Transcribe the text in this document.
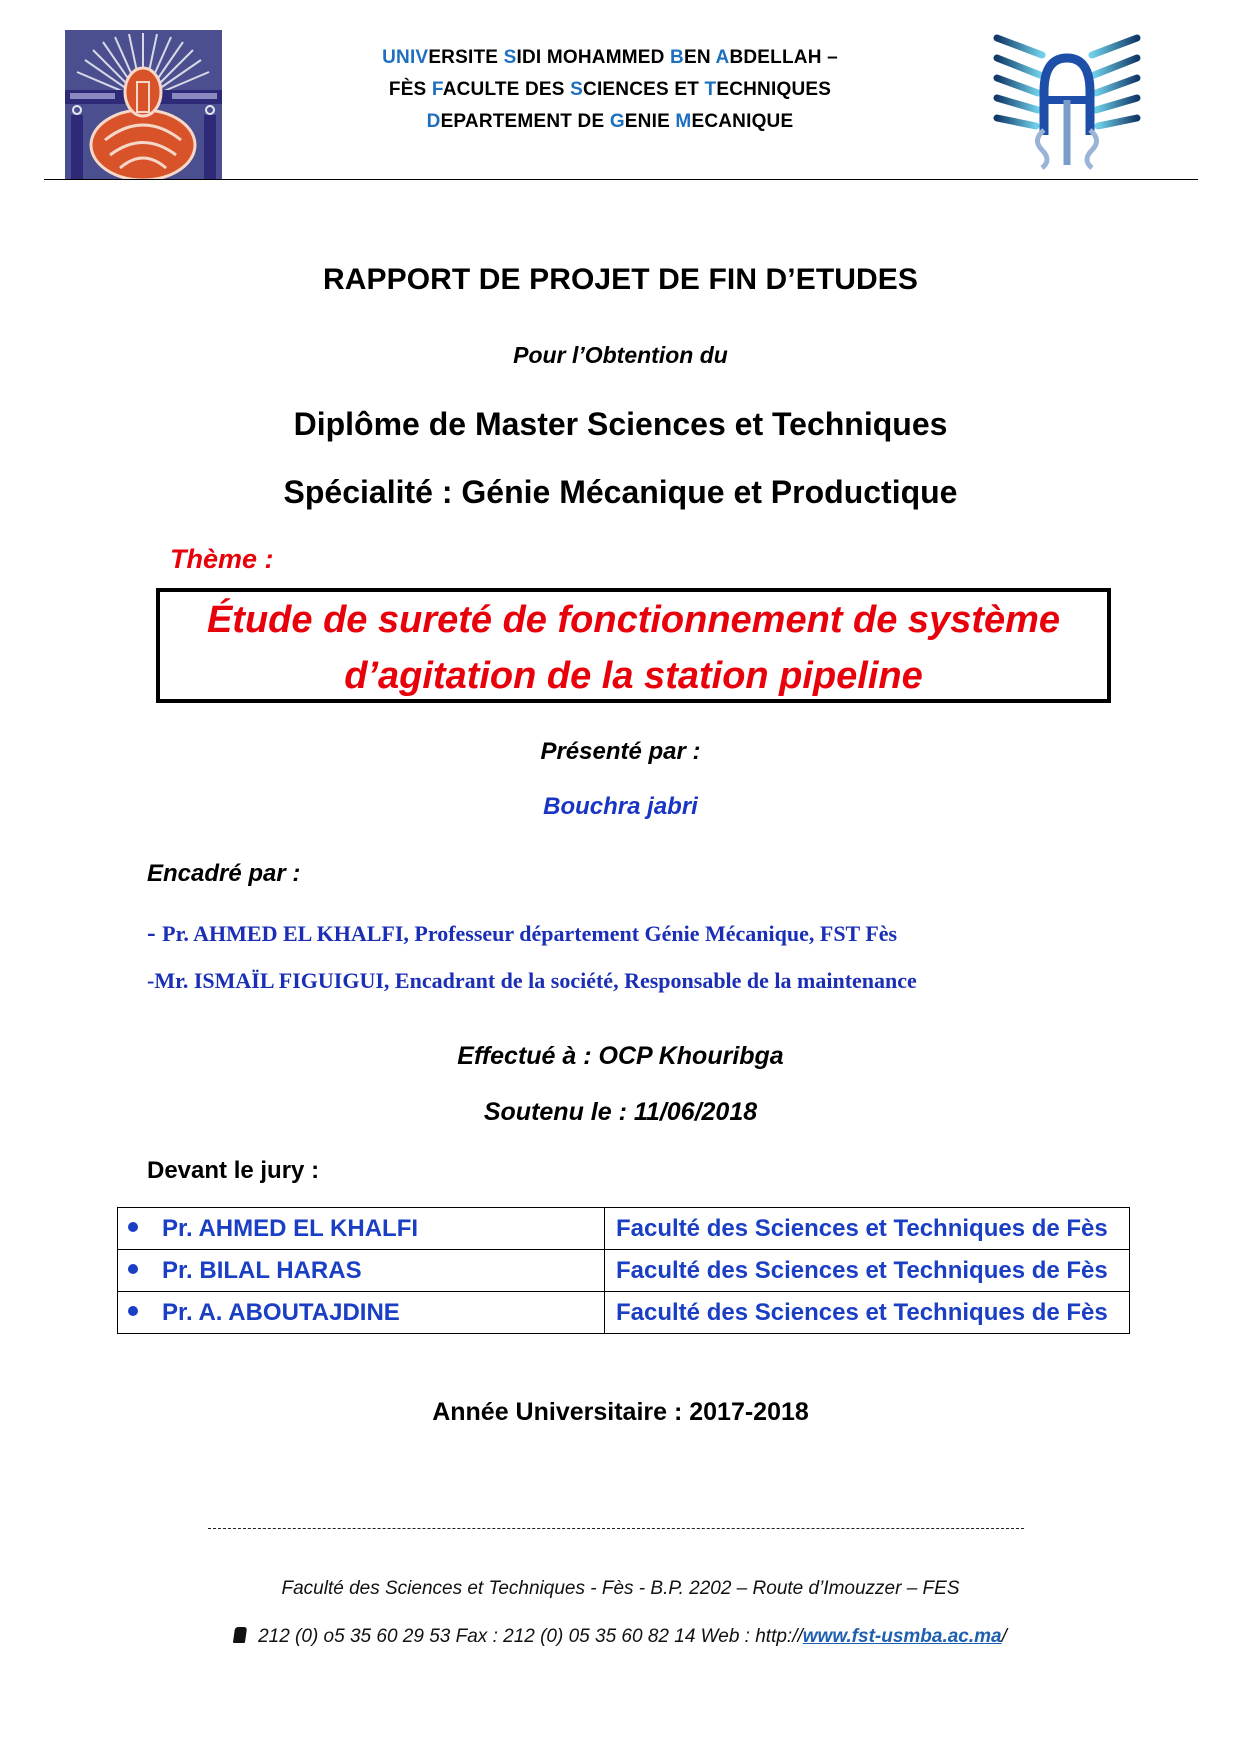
UNIVERSITE SIDI MOHAMMED BEN ABDELLAH –
FÈS FACULTE DES SCIENCES ET TECHNIQUES
DEPARTEMENT DE GENIE MECANIQUE
RAPPORT DE PROJET DE FIN D’ETUDES
Pour l’Obtention du
Diplôme de Master Sciences et Techniques
Spécialité : Génie Mécanique et Productique
Thème :
Étude de sureté de fonctionnement de système
d’agitation de la station pipeline
Présenté par :
Bouchra jabri
Encadré par :
- Pr. AHMED EL KHALFI, Professeur département Génie Mécanique, FST Fès
-Mr. ISMAÏL FIGUIGUI, Encadrant de la société, Responsable de la maintenance
Effectué à : OCP Khouribga
Soutenu le : 11/06/2018
Devant le jury :
Pr. AHMED EL KHALFI	Faculté des Sciences et Techniques de Fès
Pr. BILAL HARAS	Faculté des Sciences et Techniques de Fès
Pr. A. ABOUTAJDINE	Faculté des Sciences et Techniques de Fès
Année Universitaire : 2017-2018
Faculté des Sciences et Techniques - Fès - B.P. 2202 – Route d’Imouzzer – FES
212 (0) o5 35 60 29 53 Fax : 212 (0) 05 35 60 82 14 Web : http://www.fst-usmba.ac.ma/
